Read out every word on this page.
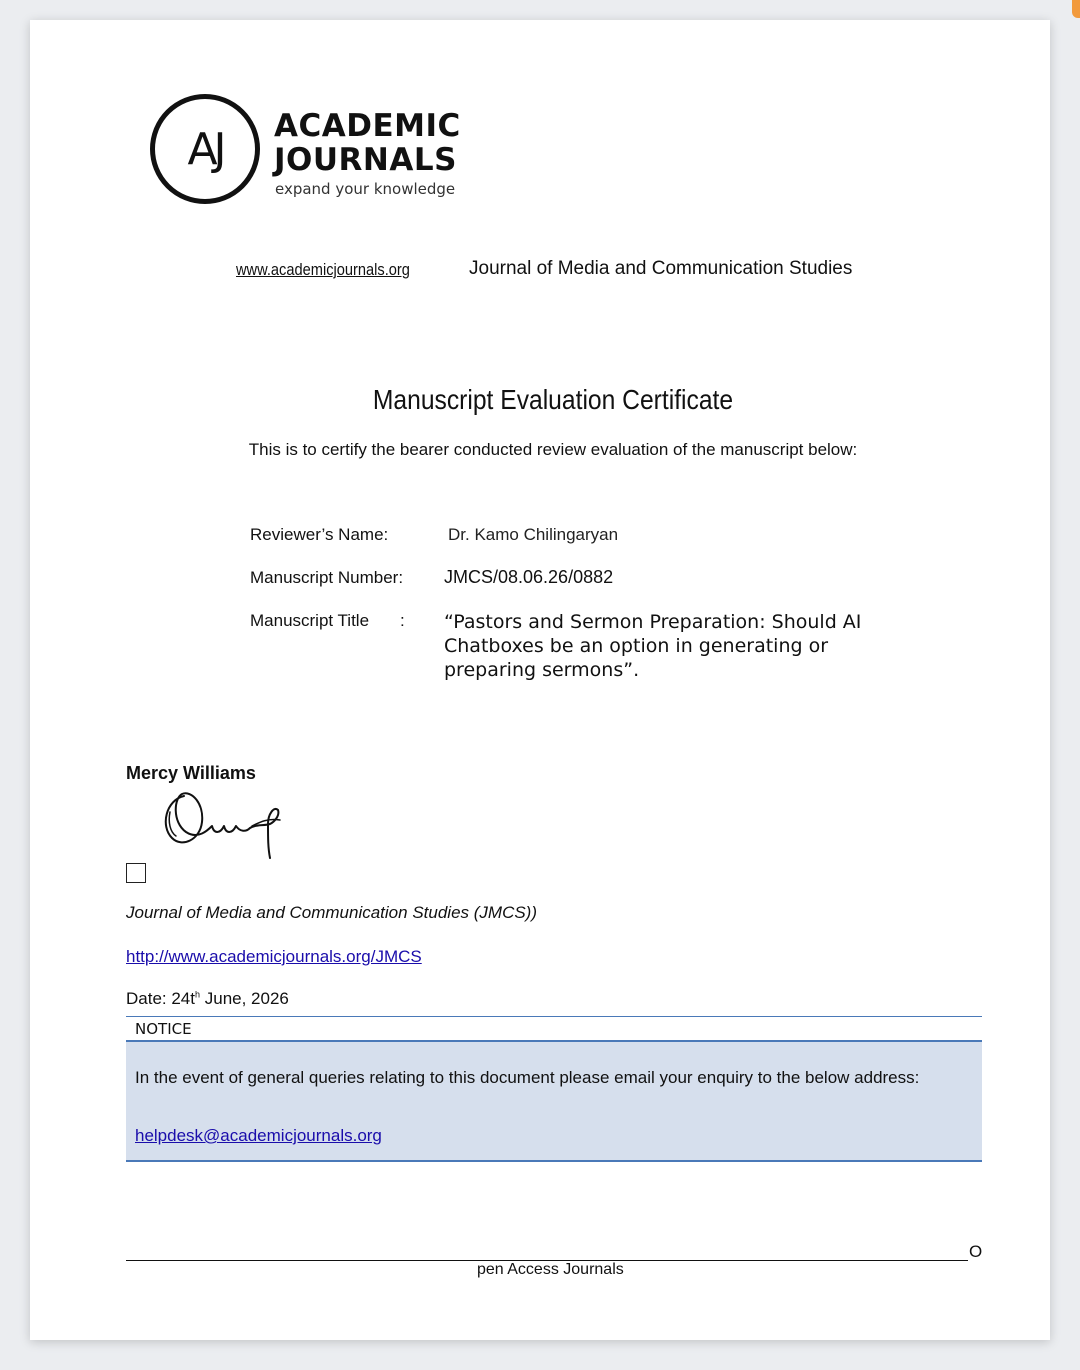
AJ	ACADEMIC
JOURNALS
expand your knowledge
www.academicjournals.org	Journal of Media and Communication Studies
Manuscript Evaluation Certificate
This is to certify the bearer conducted review evaluation of the manuscript below:
Reviewer’s Name:	Dr. Kamo Chilingaryan
Manuscript Number: JMCS/08.06.26/0882
Manuscript Title : “Pastors and Sermon Preparation: Should AI Chatboxes be an option in generating or preparing sermons”.
Mercy Williams
Journal of Media and Communication Studies (JMCS))
http://www.academicjournals.org/JMCS
Date: $24t^h$ June, 2026
NOTICE
In the event of general queries relating to this document please email your enquiry to the below address:
helpdesk@academicjournals.org
O
pen Access Journals
